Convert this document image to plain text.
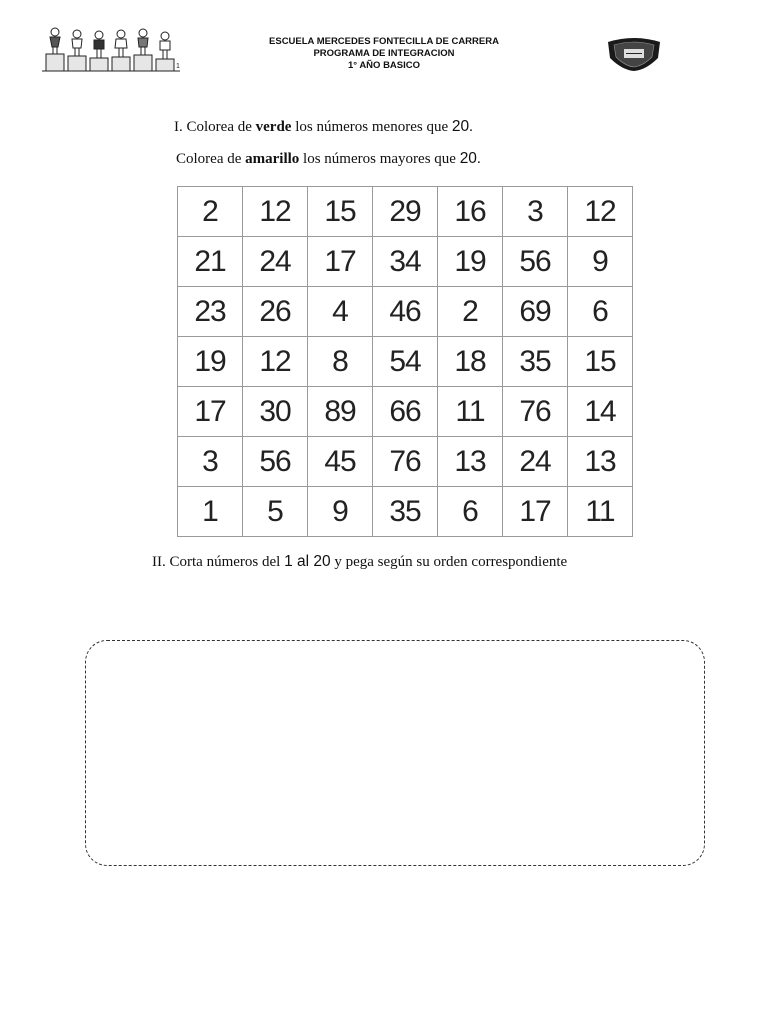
1
ESCUELA MERCEDES FONTECILLA DE CARRERA
PROGRAMA DE INTEGRACION
1° AÑO BASICO
I. Colorea de verde los números menores que 20.
Colorea de amarillo los números mayores que 20.
2	12	15	29	16	3	12
21	24	17	34	19	56	9
23	26	4	46	2	69	6
19	12	8	54	18	35	15
17	30	89	66	11	76	14
3	56	45	76	13	24	13
1	5	9	35	6	17	11
II. Corta números del 1 al 20 y pega según su orden correspondiente
